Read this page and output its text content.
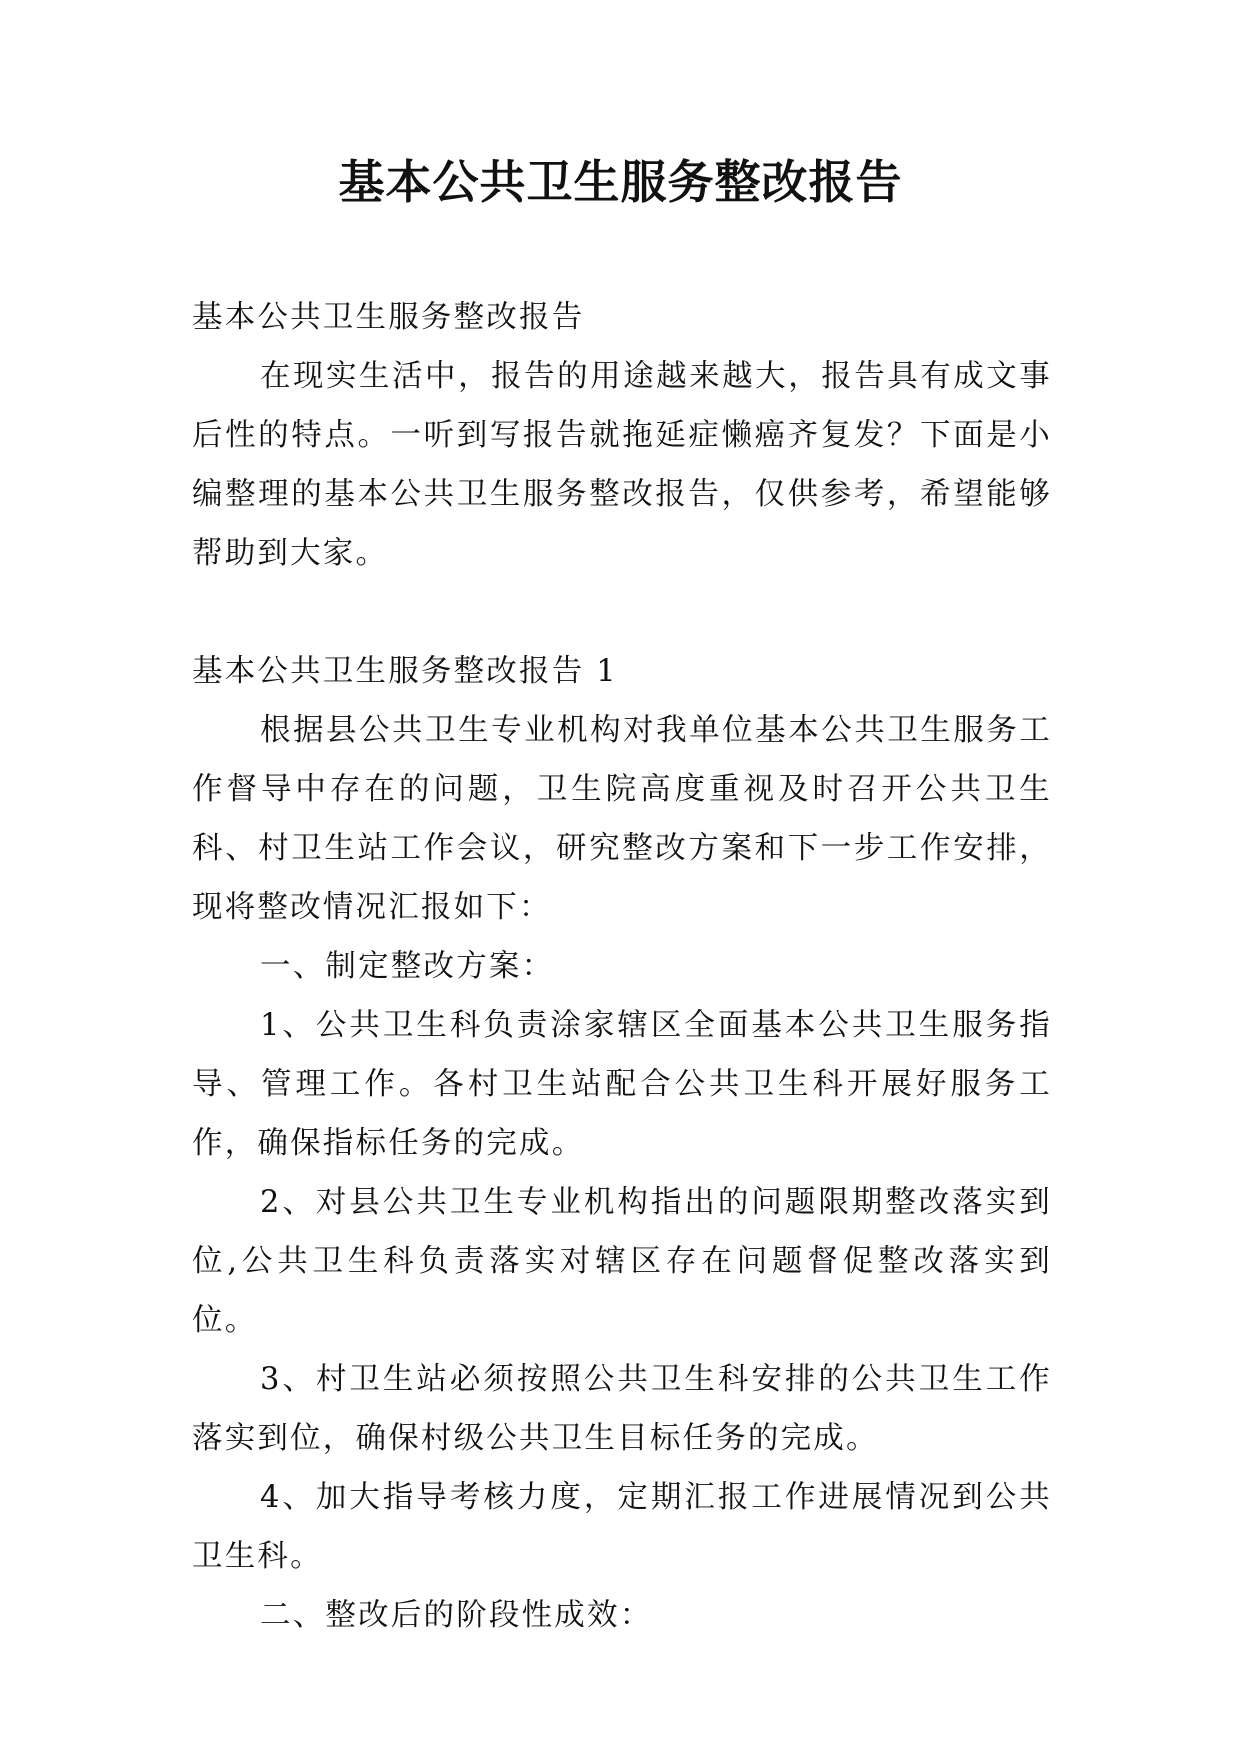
基本公共卫生服务整改报告

基本公共卫生服务整改报告

在现实生活中，报告的用途越来越大，报告具有成文事后性的特点。一听到写报告就拖延症懒癌齐复发？下面是小编整理的基本公共卫生服务整改报告，仅供参考，希望能够帮助到大家。

基本公共卫生服务整改报告 1

根据县公共卫生专业机构对我单位基本公共卫生服务工作督导中存在的问题，卫生院高度重视及时召开公共卫生科、村卫生站工作会议，研究整改方案和下一步工作安排，现将整改情况汇报如下：

一、制定整改方案：

1、公共卫生科负责涂家辖区全面基本公共卫生服务指导、管理工作。各村卫生站配合公共卫生科开展好服务工作，确保指标任务的完成。

2、对县公共卫生专业机构指出的问题限期整改落实到位,公共卫生科负责落实对辖区存在问题督促整改落实到位。

3、村卫生站必须按照公共卫生科安排的公共卫生工作落实到位，确保村级公共卫生目标任务的完成。

4、加大指导考核力度，定期汇报工作进展情况到公共卫生科。

二、整改后的阶段性成效：
